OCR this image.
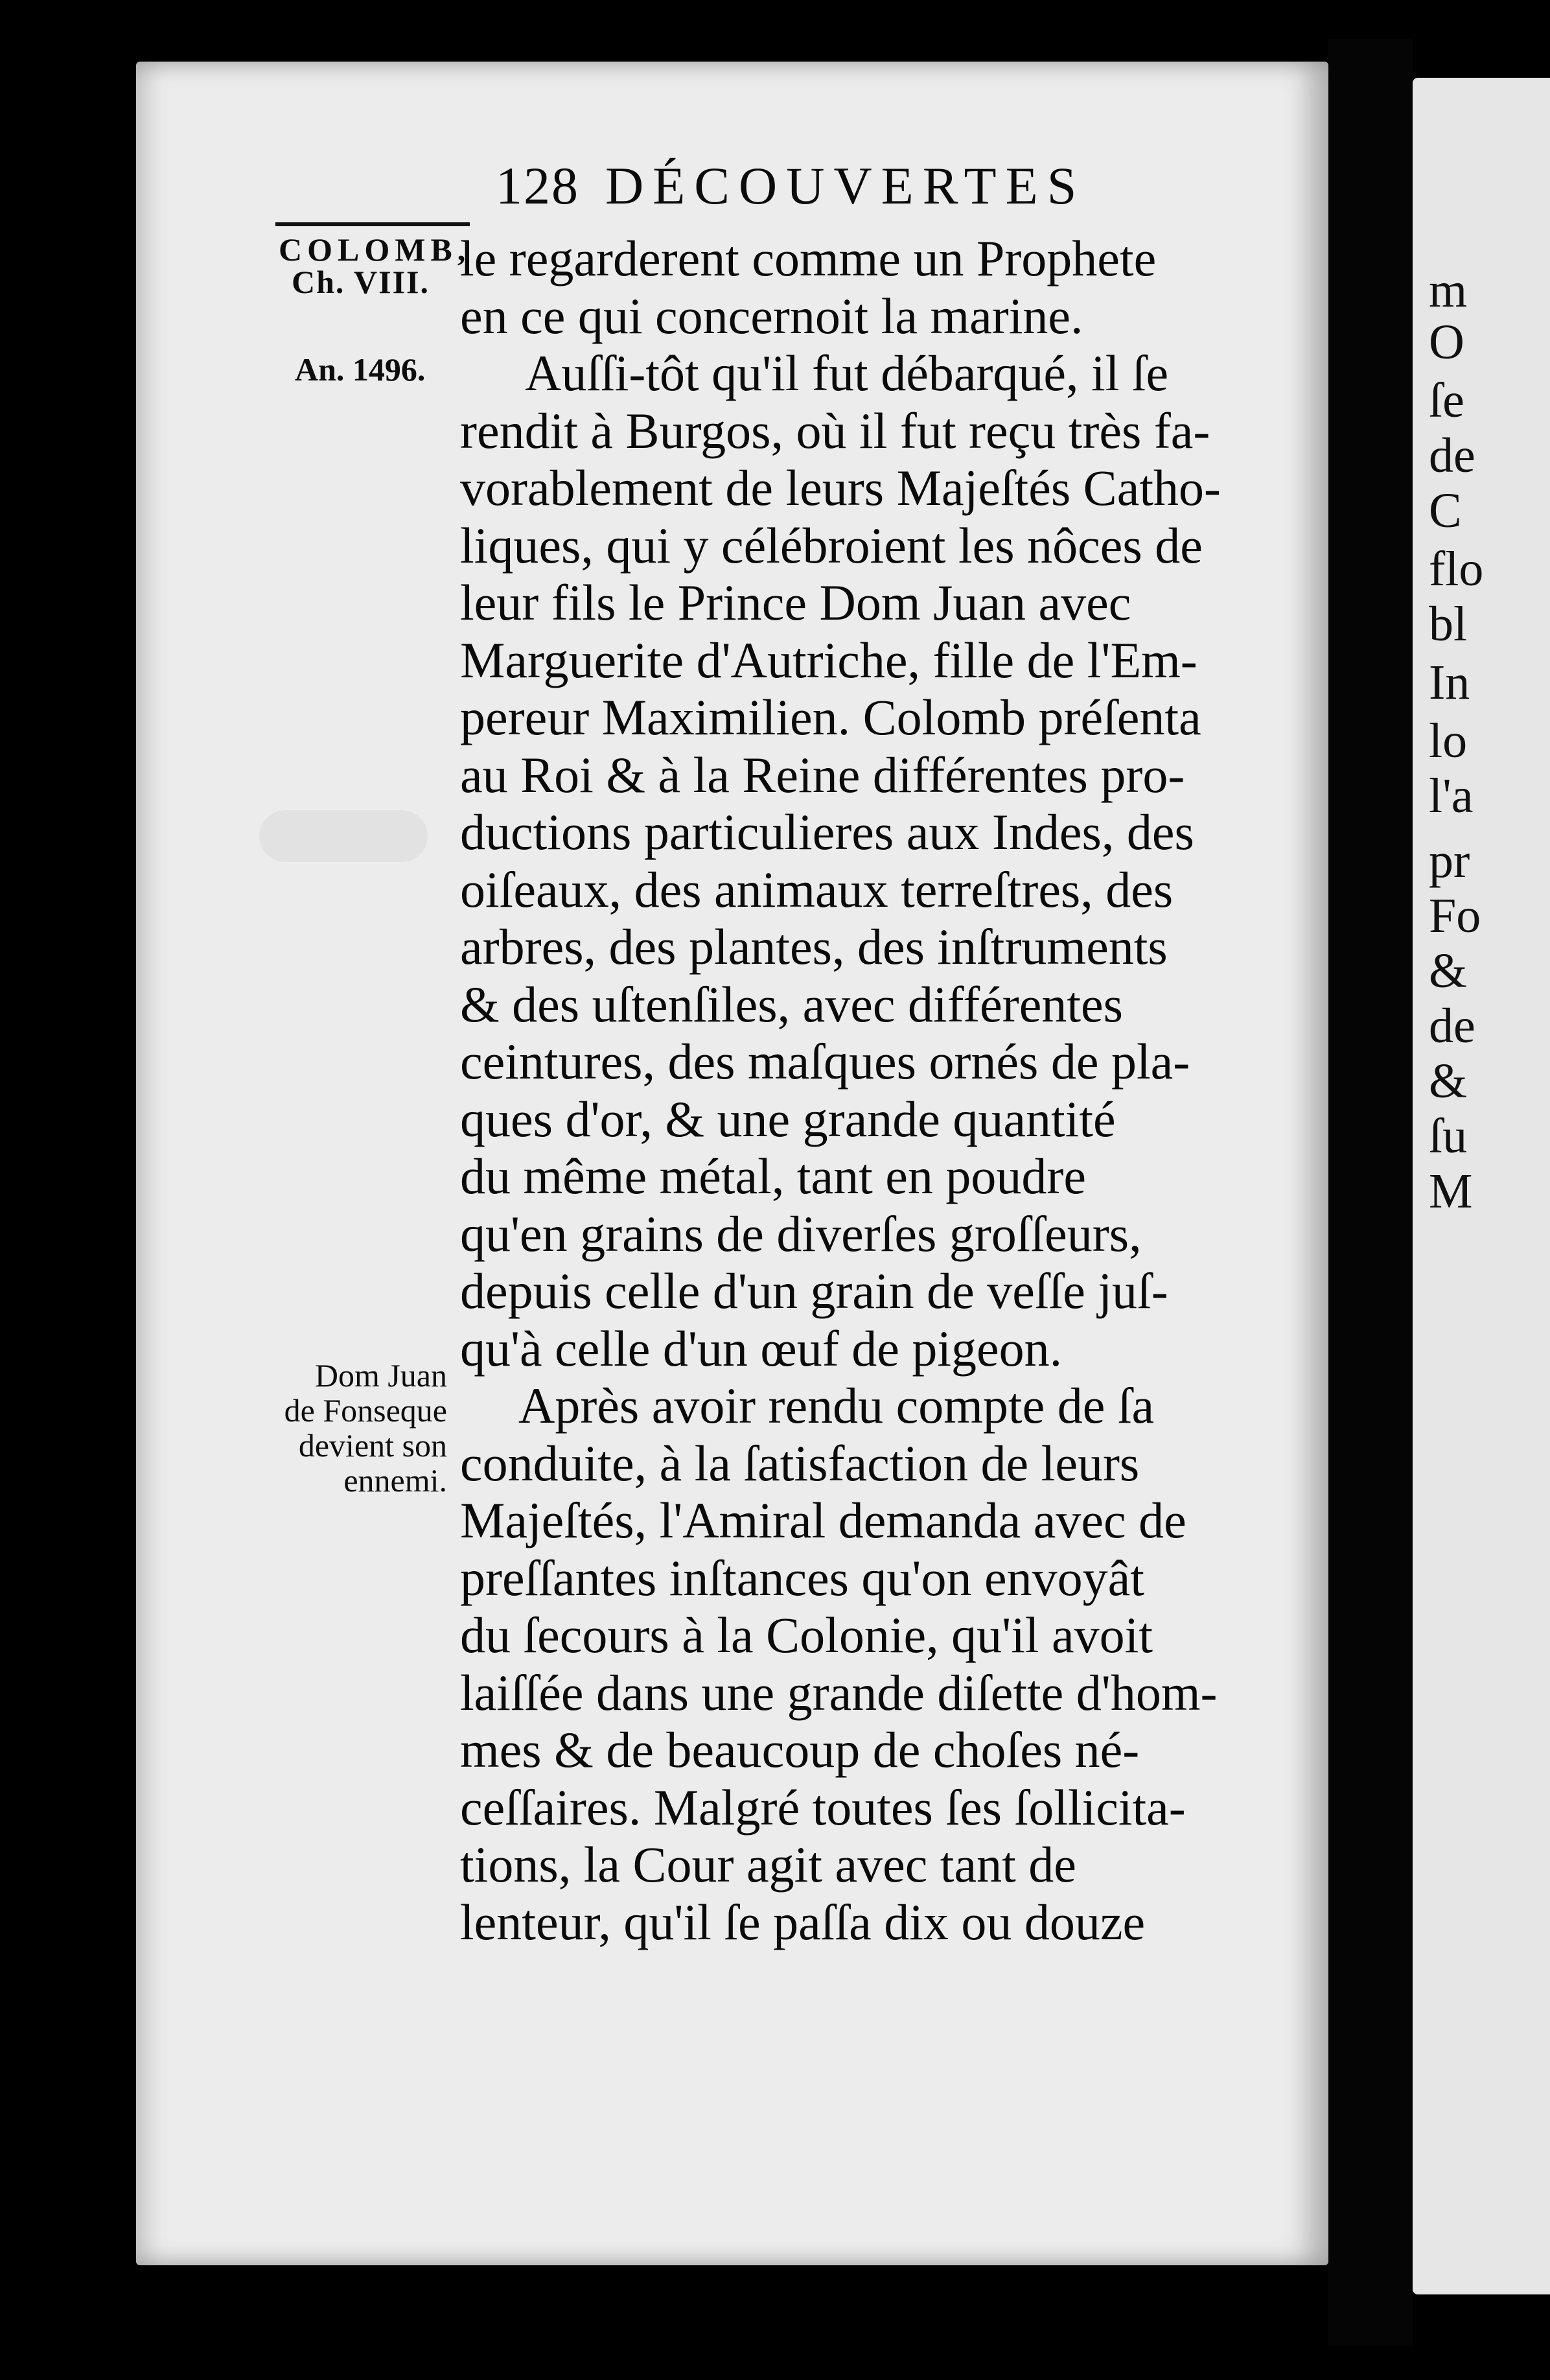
128 DÉCOUVERTES
COLOMB,
Ch. VIII.
An. 1496.
Dom Juan
de Fonseque
devient son
ennemi.
le regarderent comme un Prophete
en ce qui concernoit la marine.
Auſſi-tôt qu'il fut débarqué, il ſe
rendit à Burgos, où il fut reçu très fa-
vorablement de leurs Majeſtés Catho-
liques, qui y célébroient les nôces de
leur fils le Prince Dom Juan avec
Marguerite d'Autriche, fille de l'Em-
pereur Maximilien. Colomb préſenta
au Roi & à la Reine différentes pro-
ductions particulieres aux Indes, des
oiſeaux, des animaux terreſtres, des
arbres, des plantes, des inſtruments
& des uſtenſiles, avec différentes
ceintures, des maſques ornés de pla-
ques d'or, & une grande quantité
du même métal, tant en poudre
qu'en grains de diverſes groſſeurs,
depuis celle d'un grain de veſſe juſ-
qu'à celle d'un œuf de pigeon.
Après avoir rendu compte de ſa
conduite, à la ſatisfaction de leurs
Majeſtés, l'Amiral demanda avec de
preſſantes inſtances qu'on envoyât
du ſecours à la Colonie, qu'il avoit
laiſſée dans une grande diſette d'hom-
mes & de beaucoup de choſes né-
ceſſaires. Malgré toutes ſes ſollicita-
tions, la Cour agit avec tant de
lenteur, qu'il ſe paſſa dix ou douze
m
O
ſe
de
C
flo
bl
In
lo
l'a
pr
Fo
&
de
&
ſu
M
